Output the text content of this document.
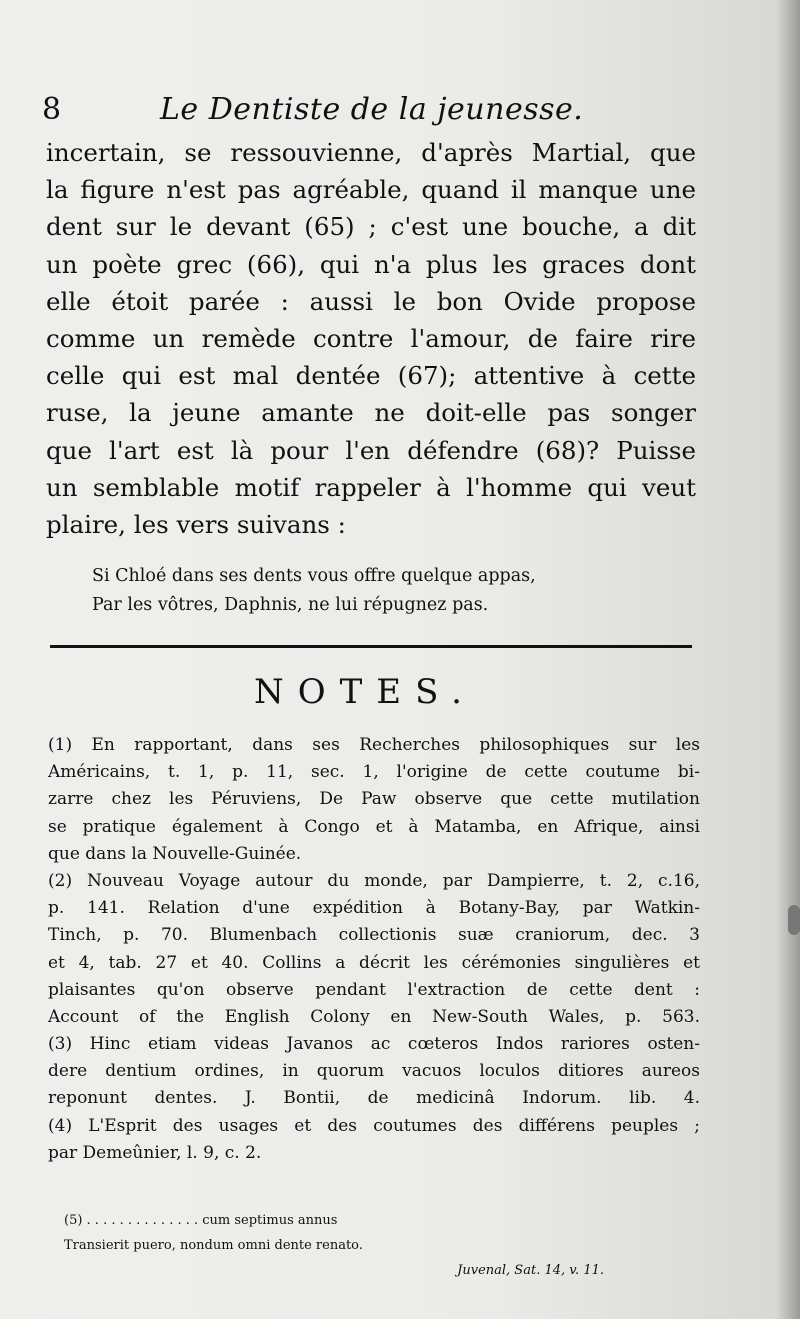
8	Le Dentiste de la jeunesse.
incertain, se ressouvienne, d'après Martial, que
la figure n'est pas agréable, quand il manque une
dent sur le devant (65) ; c'est une bouche, a dit
un poète grec (66), qui n'a plus les graces dont
elle étoit parée : aussi le bon Ovide propose
comme un remède contre l'amour, de faire rire
celle qui est mal dentée (67); attentive à cette
ruse, la jeune amante ne doit-elle pas songer
que l'art est là pour l'en défendre (68)? Puisse
un semblable motif rappeler à l'homme qui veut
plaire, les vers suivans :
Si Chloé dans ses dents vous offre quelque appas,
Par les vôtres, Daphnis, ne lui répugnez pas.
NOTES.
(1) En rapportant, dans ses Recherches philosophiques sur les
Américains, t. 1, p. 11, sec. 1, l'origine de cette coutume bi-
zarre chez les Péruviens, De Paw observe que cette mutilation
se pratique également à Congo et à Matamba, en Afrique, ainsi
que dans la Nouvelle-Guinée.
(2) Nouveau Voyage autour du monde, par Dampierre, t. 2, c.16,
p. 141. Relation d'une expédition à Botany-Bay, par Watkin-
Tinch, p. 70. Blumenbach collectionis suæ craniorum, dec. 3
et 4, tab. 27 et 40. Collins a décrit les cérémonies singulières et
plaisantes qu'on observe pendant l'extraction de cette dent :
Account of the English Colony en New-South Wales, p. 563.
(3) Hinc etiam videas Javanos ac cœteros Indos rariores osten-
dere dentium ordines, in quorum vacuos loculos ditiores aureos
reponunt dentes. J. Bontii, de medicinâ Indorum. lib. 4.
(4) L'Esprit des usages et des coutumes des différens peuples ;
par Demeûnier, l. 9, c. 2.
(5) . . . . . . . . . . . . . . cum septimus annus
Transierit puero, nondum omni dente renato.
Juvenal, Sat. 14, v. 11.
